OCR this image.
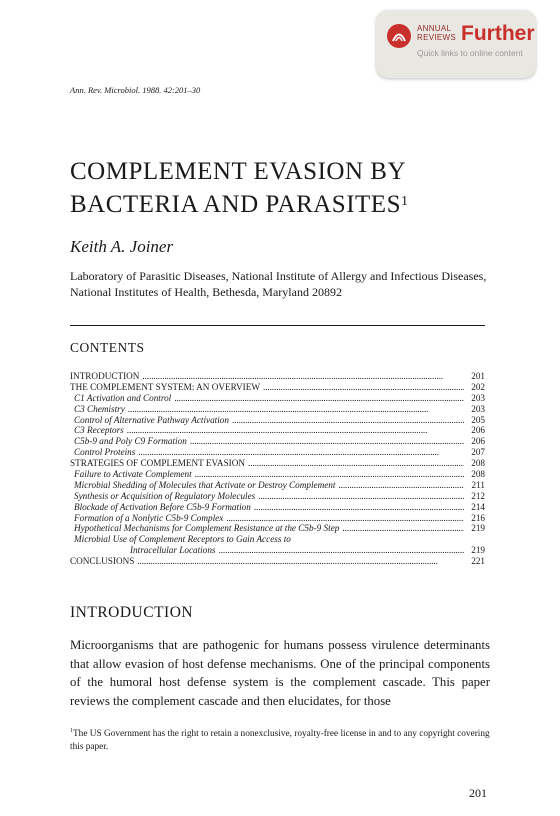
ANNUAL
REVIEWS Further
Quick links to online content
Ann. Rev. Microbiol. 1988. 42:201–30
COMPLEMENT EVASION BY
BACTERIA AND PARASITES$^1$
Keith A. Joiner
Laboratory of Parasitic Diseases, National Institute of Allergy and Infectious Diseases, National Institutes of Health, Bethesda, Maryland 20892
CONTENTS
INTRODUCTION . . .	201
THE COMPLEMENT SYSTEM: AN OVERVIEW . . .	202
C1 Activation and Control . . .	203
C3 Chemistry . . .	203
Control of Alternative Pathway Activation . . .	205
C3 Receptors . . .	206
C5b-9 and Poly C9 Formation . . .	206
Control Proteins . . .	207
STRATEGIES OF COMPLEMENT EVASION . . .	208
Failure to Activate Complement . . .	208
Microbial Shedding of Molecules that Activate or Destroy Complement . . .	211
Synthesis or Acquisition of Regulatory Molecules . . .	212
Blockade of Activation Before C5b-9 Formation . . .	214
Formation of a Nonlytic C5b-9 Complex . . .	216
Hypothetical Mechanisms for Complement Resistance at the C5b-9 Step . . .	219
Microbial Use of Complement Receptors to Gain Access to
Intracellular Locations . . .	219
CONCLUSIONS . . .	221
INTRODUCTION
Microorganisms that are pathogenic for humans possess virulence determinants that allow evasion of host defense mechanisms. One of the principal components of the humoral host defense system is the complement cascade. This paper reviews the complement cascade and then elucidates, for those
$^1$The US Government has the right to retain a nonexclusive, royalty-free license in and to any copyright covering this paper.
201
